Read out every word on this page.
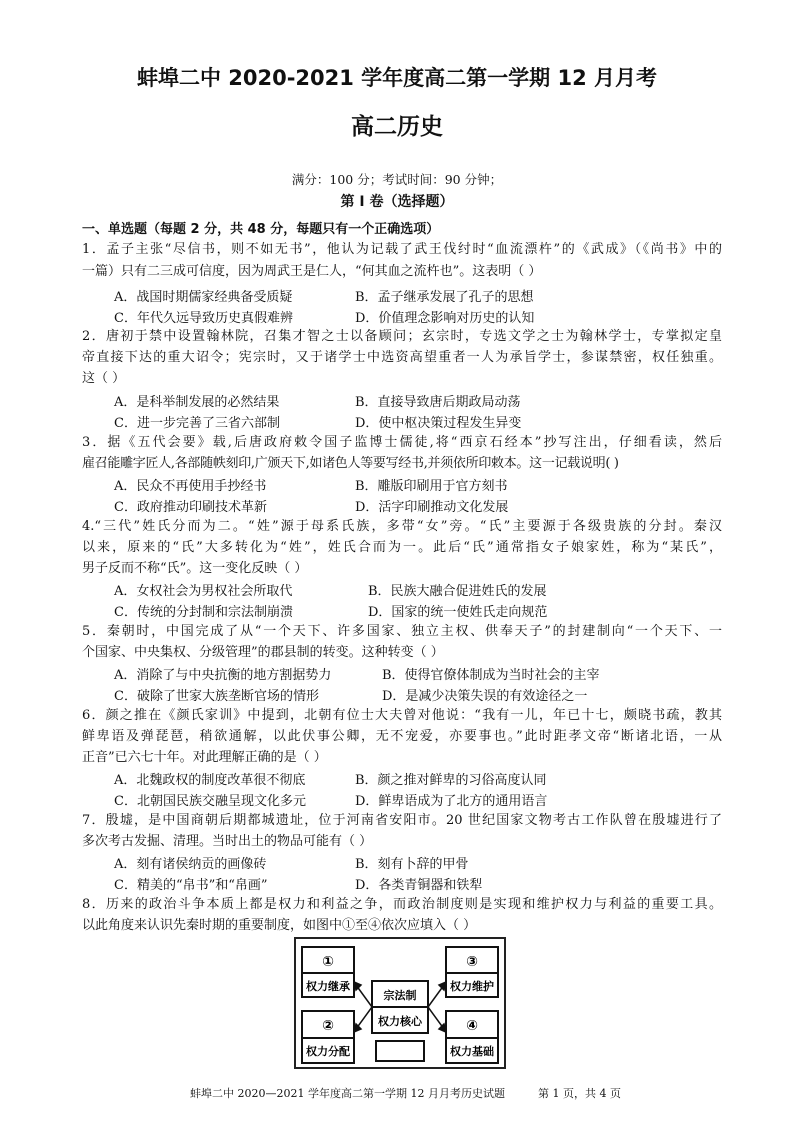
蚌埠二中 2020-2021 学年度高二第一学期 12 月月考
高二历史
满分：100 分；考试时间：90 分钟；
第 I 卷（选择题）
一、单选题（每题 2 分，共 48 分，每题只有一个正确选项）
1．孟子主张“尽信书，则不如无书”，他认为记载了武王伐纣时“血流漂杵”的《武成》（《尚书》中的
一篇）只有二三成可信度，因为周武王是仁人，“何其血之流杵也”。这表明（ ）
A．战国时期儒家经典备受质疑	B．孟子继承发展了孔子的思想
C．年代久远导致历史真假难辨	D．价值理念影响对历史的认知
2．唐初于禁中设置翰林院，召集才智之士以备顾问；玄宗时，专选文学之士为翰林学士，专掌拟定皇
帝直接下达的重大诏令；宪宗时，又于诸学士中选资高望重者一人为承旨学士，参谋禁密，权任独重。
这（ ）
A．是科举制发展的必然结果	B．直接导致唐后期政局动荡
C．进一步完善了三省六部制	D．使中枢决策过程发生异变
3．据《五代会要》载,后唐政府敕令国子监博士儒徒,将“西京石经本”抄写注出，仔细看读，然后
雇召能雕字匠人,各部随帙刻印,广颁天下,如诸色人等要写经书,并须依所印敕本。这一记载说明( )
A．民众不再使用手抄经书	B．雕版印刷用于官方刻书
C．政府推动印刷技术革新	D．活字印刷推动文化发展
4.“三代”姓氏分而为二。“姓”源于母系氏族，多带“女”旁。“氏”主要源于各级贵族的分封。秦汉
以来，原来的“氏”大多转化为“姓”，姓氏合而为一。此后“氏”通常指女子娘家姓，称为“某氏”，
男子反而不称“氏”。这一变化反映（ ）
A．女权社会为男权社会所取代	B．民族大融合促进姓氏的发展
C．传统的分封制和宗法制崩溃	D．国家的统一使姓氏走向规范
5．秦朝时，中国完成了从“一个天下、许多国家、独立主权、供奉天子”的封建制向“一个天下、一
个国家、中央集权、分级管理”的郡县制的转变。这种转变（ ）
A．消除了与中央抗衡的地方割据势力	B．使得官僚体制成为当时社会的主宰
C．破除了世家大族垄断官场的情形	D．是减少决策失误的有效途径之一
6．颜之推在《颜氏家训》中提到，北朝有位士大夫曾对他说：“我有一儿，年已十七，颇晓书疏，教其
鲜卑语及弹琵琶，稍欲通解，以此伏事公卿，无不宠爱，亦要事也。”此时距孝文帝“断诸北语，一从
正音”已六七十年。对此理解正确的是（ ）
A．北魏政权的制度改革很不彻底	B．颜之推对鲜卑的习俗高度认同
C．北朝国民族交融呈现文化多元	D．鲜卑语成为了北方的通用语言
7．殷墟，是中国商朝后期都城遗址，位于河南省安阳市。20 世纪国家文物考古工作队曾在殷墟进行了
多次考古发掘、清理。当时出土的物品可能有（ ）
A．刻有诸侯纳贡的画像砖	B．刻有卜辞的甲骨
C．精美的“帛书”和“帛画”	D．各类青铜器和铁犁
8．历来的政治斗争本质上都是权力和利益之争，而政治制度则是实现和维护权力与利益的重要工具。
以此角度来认识先秦时期的重要制度，如图中①至④依次应填入（ ）
①
权力继承
②
权力分配
③
权力维护
④
权力基础
宗法制
权力核心
蚌埠二中 2020—2021 学年度高二第一学期 12 月月考历史试题	第 1 页，共 4 页
